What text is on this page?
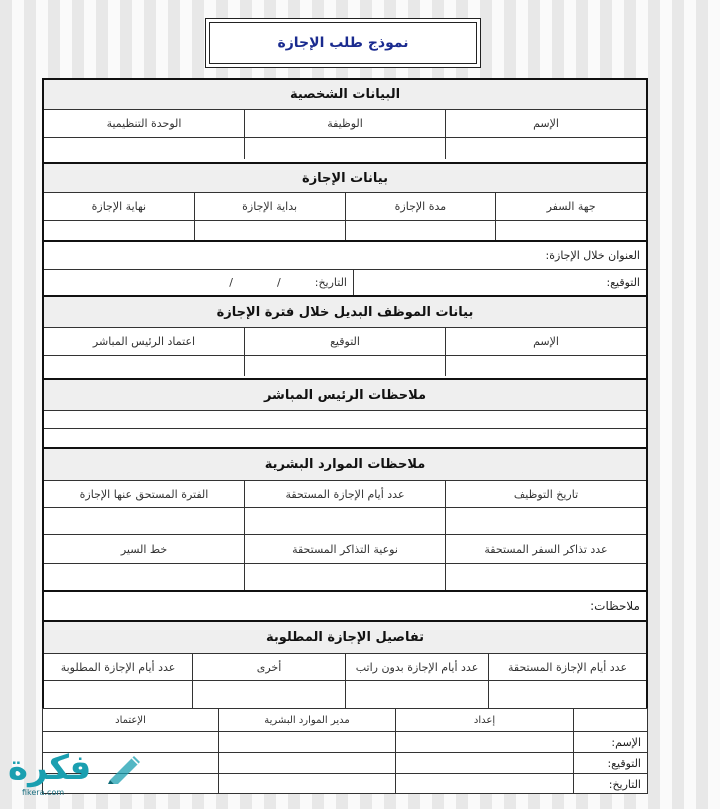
نموذج طلب الإجازة
البيانات الشخصية
الإسم
الوظيفة
الوحدة التنظيمية
بيانات الإجازة
جهة السفر
مدة الإجازة
بداية الإجازة
نهاية الإجازة
العنوان خلال الإجازة:
التوقيع:
التاريخ:
/
/
بيانات الموظف البديل خلال فترة الإجازة
الإسم
التوقيع
اعتماد الرئيس المباشر
ملاحظات الرئيس المباشر
ملاحظات الموارد البشرية
تاريخ التوظيف
عدد أيام الإجازة المستحقة
الفترة المستحق عنها الإجازة
عدد تذاكر السفر المستحقة
نوعية التذاكر المستحقة
خط السير
ملاحظات:
تفاصيل الإجازة المطلوبة
عدد أيام الإجازة المستحقة
عدد أيام الإجازة بدون راتب
أخرى
عدد أيام الإجازة المطلوبة
إعداد
مدير الموارد البشرية
الإعتماد
الإسم:
التوقيع:
التاريخ:
فكرة
fikera.com
